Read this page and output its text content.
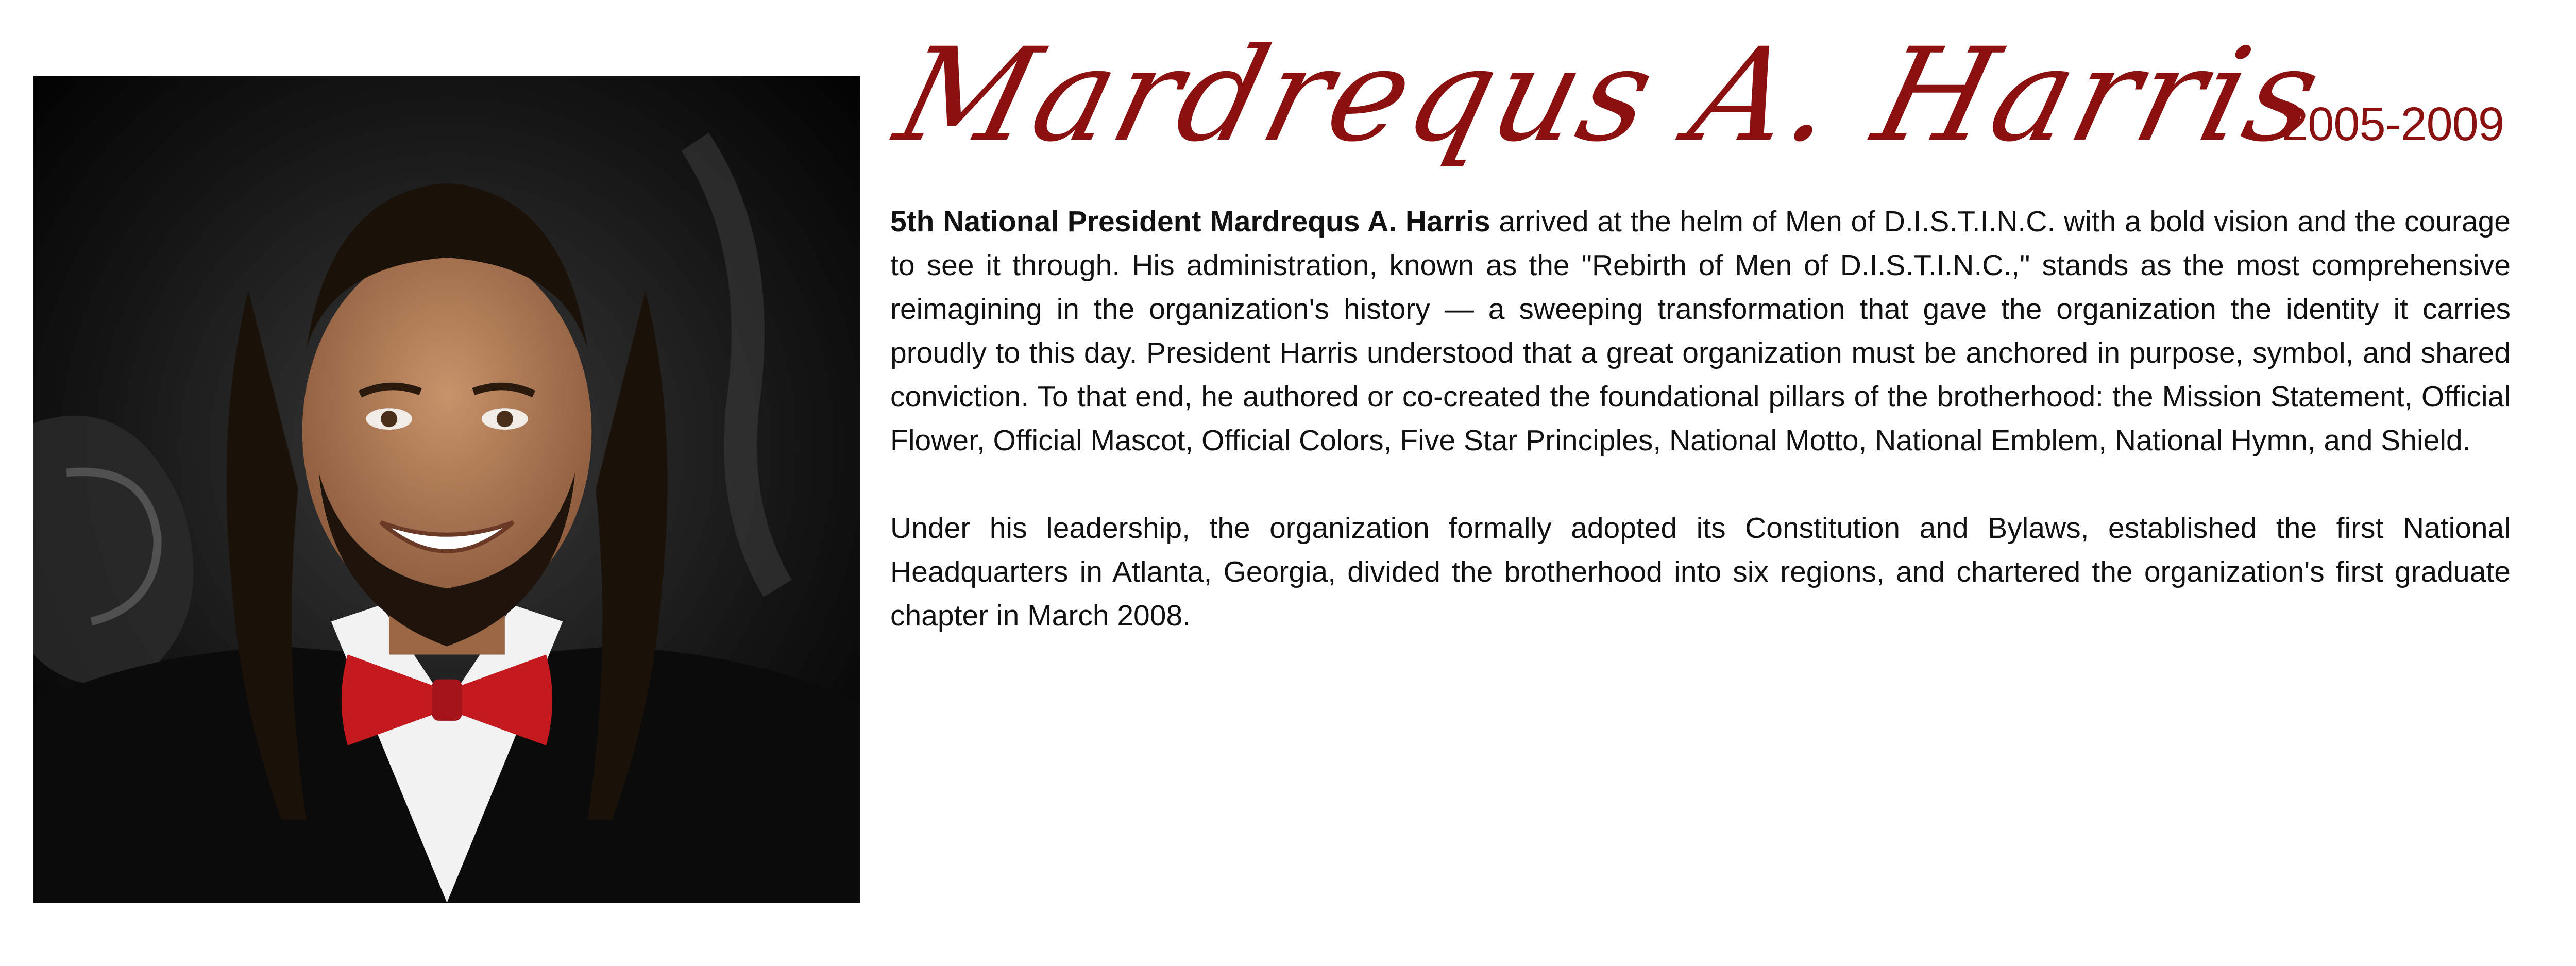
Mardrequs A. Harris
2005-2009

5th National President Mardrequs A. Harris arrived at the helm of Men of D.I.S.T.I.N.C. with a bold vision and the courage to see it through. His administration, known as the "Rebirth of Men of D.I.S.T.I.N.C.," stands as the most comprehensive reimagining in the organization's history — a sweeping transformation that gave the organization the identity it carries proudly to this day. President Harris understood that a great organization must be anchored in purpose, symbol, and shared conviction. To that end, he authored or co-created the foundational pillars of the brotherhood: the Mission Statement, Official Flower, Official Mascot, Official Colors, Five Star Principles, National Motto, National Emblem, National Hymn, and Shield.

Under his leadership, the organization formally adopted its Constitution and Bylaws, established the first National Headquarters in Atlanta, Georgia, divided the brotherhood into six regions, and chartered the organization's first graduate chapter in March 2008.
